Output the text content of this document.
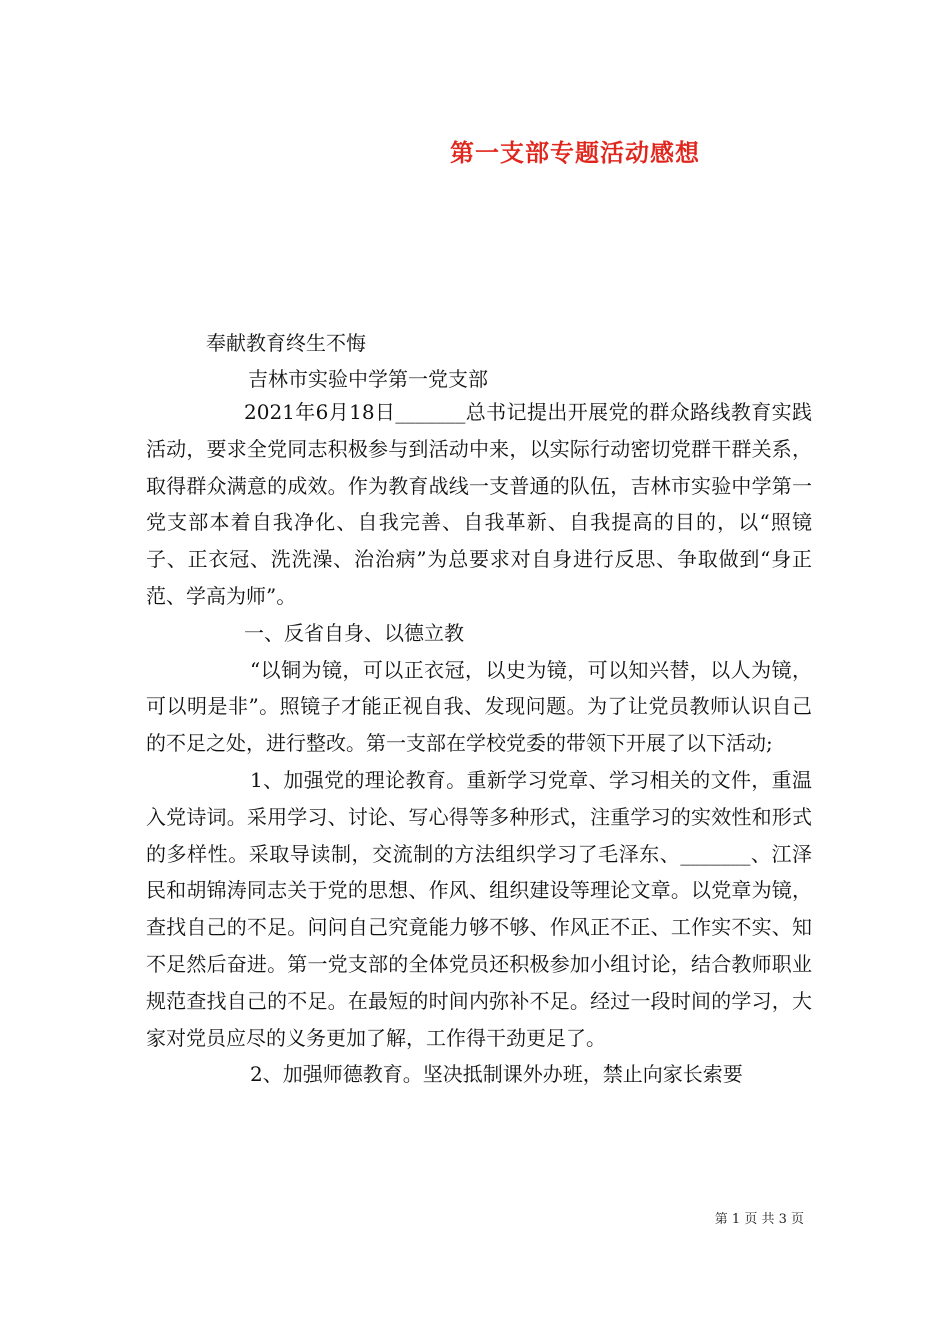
第一支部专题活动感想

奉献教育终生不悔

吉林市实验中学第一党支部

2021年6月18日_______总书记提出开展党的群众路线教育实践活动，要求全党同志积极参与到活动中来，以实际行动密切党群干群关系，取得群众满意的成效。作为教育战线一支普通的队伍，吉林市实验中学第一党支部本着自我净化、自我完善、自我革新、自我提高的目的，以“照镜子、正衣冠、洗洗澡、治治病”为总要求对自身进行反思、争取做到“身正范、学高为师”。

一、反省自身、以德立教

“以铜为镜，可以正衣冠，以史为镜，可以知兴替，以人为镜，可以明是非”。照镜子才能正视自我、发现问题。为了让党员教师认识自己的不足之处，进行整改。第一支部在学校党委的带领下开展了以下活动;

1、加强党的理论教育。重新学习党章、学习相关的文件，重温入党诗词。采用学习、讨论、写心得等多种形式，注重学习的实效性和形式的多样性。采取导读制，交流制的方法组织学习了毛泽东、_______、江泽民和胡锦涛同志关于党的思想、作风、组织建设等理论文章。以党章为镜，查找自己的不足。问问自己究竟能力够不够、作风正不正、工作实不实、知不足然后奋进。第一党支部的全体党员还积极参加小组讨论，结合教师职业规范查找自己的不足。在最短的时间内弥补不足。经过一段时间的学习，大家对党员应尽的义务更加了解，工作得干劲更足了。

2、加强师德教育。坚决抵制课外办班，禁止向家长索要

第 1 页 共 3 页
